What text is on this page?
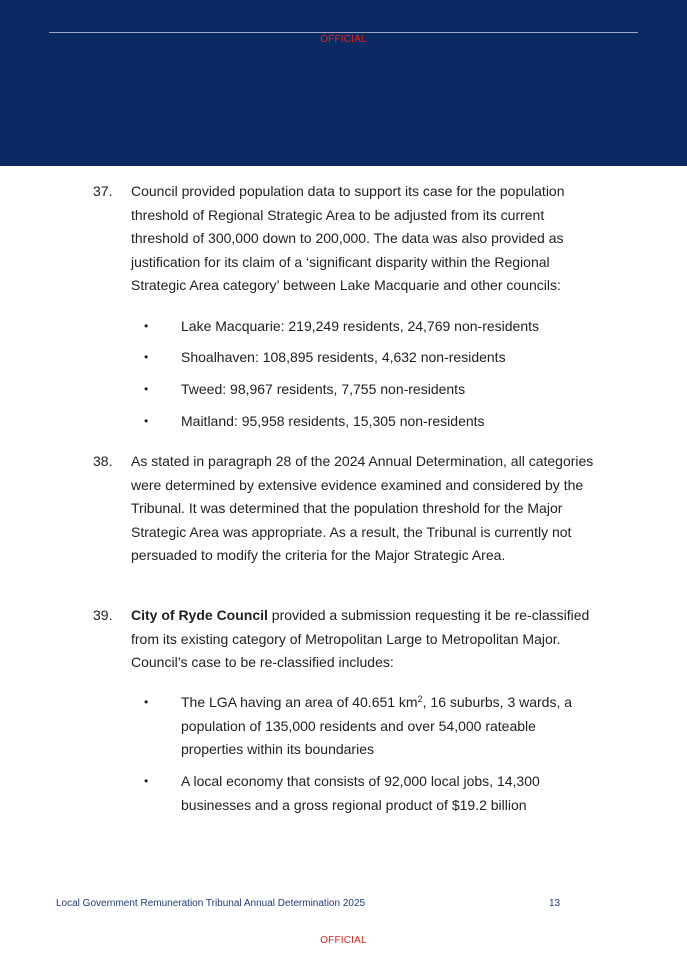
OFFICIAL
37.	Council provided population data to support its case for the population threshold of Regional Strategic Area to be adjusted from its current threshold of 300,000 down to 200,000. The data was also provided as justification for its claim of a ‘significant disparity within the Regional Strategic Area category’ between Lake Macquarie and other councils:
•	Lake Macquarie: 219,249 residents, 24,769 non-residents
•	Shoalhaven: 108,895 residents, 4,632 non-residents
•	Tweed: 98,967 residents, 7,755 non-residents
•	Maitland: 95,958 residents, 15,305 non-residents
38.	As stated in paragraph 28 of the 2024 Annual Determination, all categories were determined by extensive evidence examined and considered by the Tribunal. It was determined that the population threshold for the Major Strategic Area was appropriate. As a result, the Tribunal is currently not persuaded to modify the criteria for the Major Strategic Area.
39.	City of Ryde Council provided a submission requesting it be re-classified from its existing category of Metropolitan Large to Metropolitan Major. Council’s case to be re-classified includes:
•	The LGA having an area of 40.651 $km^2$, 16 suburbs, 3 wards, a population of 135,000 residents and over 54,000 rateable properties within its boundaries
•	A local economy that consists of 92,000 local jobs, 14,300 businesses and a gross regional product of $19.2 billion
Local Government Remuneration Tribunal Annual Determination 2025	13
OFFICIAL
